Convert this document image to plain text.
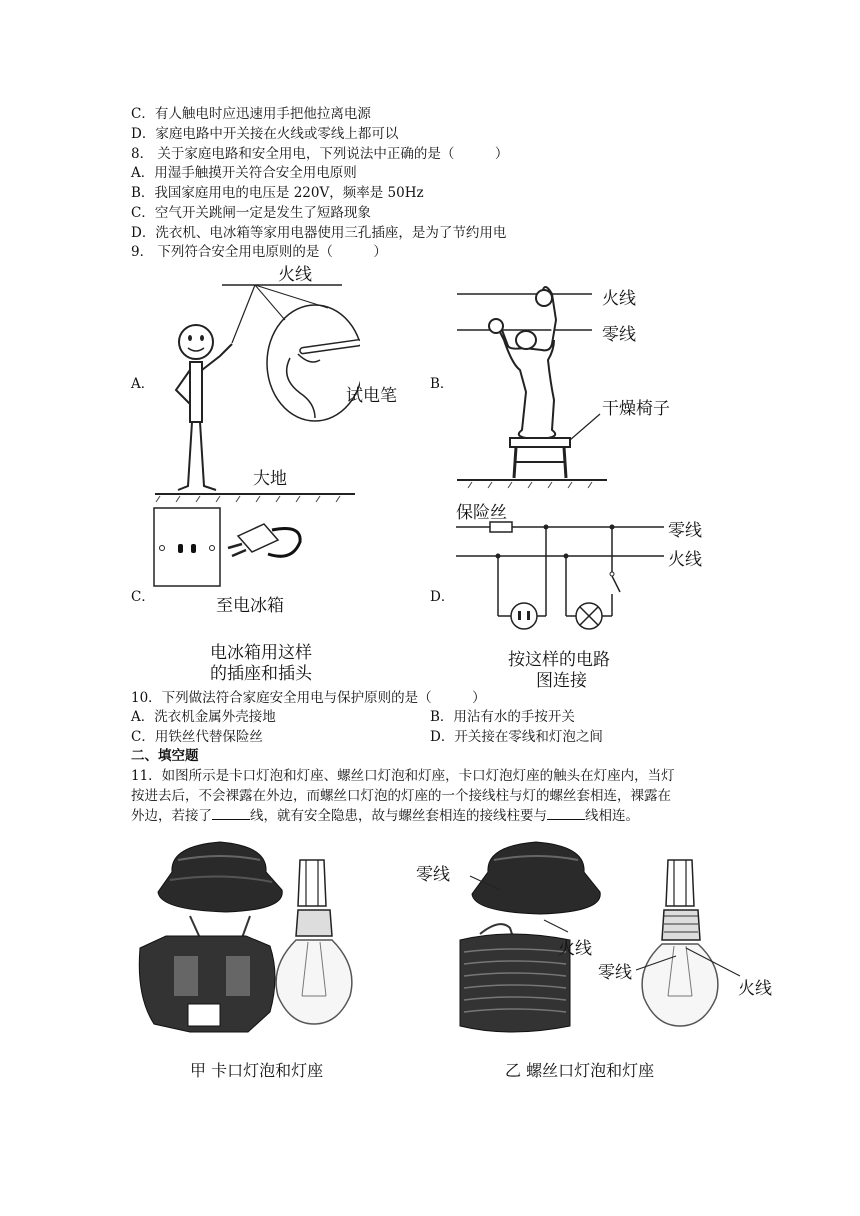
C．有人触电时应迅速用手把他拉离电源
D．家庭电路中开关接在火线或零线上都可以
8． 关于家庭电路和安全用电，下列说法中正确的是（　　　）
A．用湿手触摸开关符合安全用电原则
B．我国家庭用电的电压是 220V，频率是 50Hz
C．空气开关跳闸一定是发生了短路现象
D．洗衣机、电冰箱等家用电器使用三孔插座，是为了节约用电
9． 下列符合安全用电原则的是（　　　）
A．	B．
C．	D．
火线
试电笔
大地
火线
零线
干燥椅子
至电冰箱
电冰箱用这样
的插座和插头
保险丝
零线
火线
按这样的电路
图连接
10．下列做法符合家庭安全用电与保护原则的是（　　　）
A．洗衣机金属外壳接地	B．用沾有水的手按开关
C．用铁丝代替保险丝	D．开关接在零线和灯泡之间
二、填空题
11．如图所示是卡口灯泡和灯座、螺丝口灯泡和灯座，卡口灯泡灯座的触头在灯座内，当灯
按进去后，不会裸露在外边，而螺丝口灯泡的灯座的一个接线柱与灯的螺丝套相连，裸露在
外边，若接了	线，就有安全隐患，故与螺丝套相连的接线柱要与	线相连。
甲 卡口灯泡和灯座
零线
火线
零线
火线
乙 螺丝口灯泡和灯座
